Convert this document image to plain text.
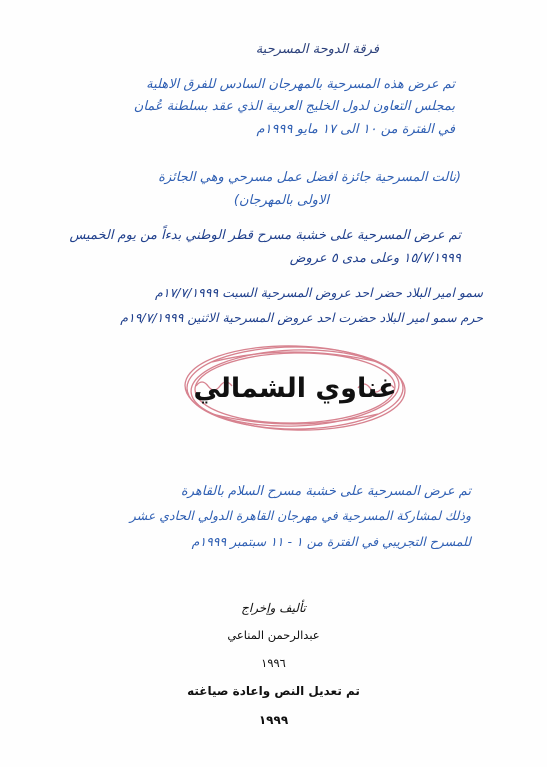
فرقة الدوحة المسرحية
تم عرض هذه المسرحية بالمهرجان السادس للفرق الاهلية
بمجلس التعاون لدول الخليج العربية الذي عقد بسلطنة عُمان
في الفترة من ١٠ الى ١٧ مايو ١٩٩٩م
(نالت المسرحية جائزة افضل عمل مسرحي وهي الجائزة
الاولى بالمهرجان)
تم عرض المسرحية على خشبة مسرح قطر الوطني بدءاً من يوم الخميس
١٥/٧/١٩٩٩ وعلى مدى ٥ عروض
سمو امير البلاد حضر احد عروض المسرحية السبت ١٧/٧/١٩٩٩م
حرم سمو امير البلاد حضرت احد عروض المسرحية الاثنين ١٩/٧/١٩٩٩م
غناوي الشمالي
تم عرض المسرحية على خشبة مسرح السلام بالقاهرة
وذلك لمشاركة المسرحية في مهرجان القاهرة الدولي الحادي عشر
للمسرح التجريبي في الفترة من ١ - ١١ سبتمبر ١٩٩٩م
تأليف وإخراج
عبدالرحمن المناعي
١٩٩٦
تم تعديل النص واعادة صياغته
١٩٩٩
